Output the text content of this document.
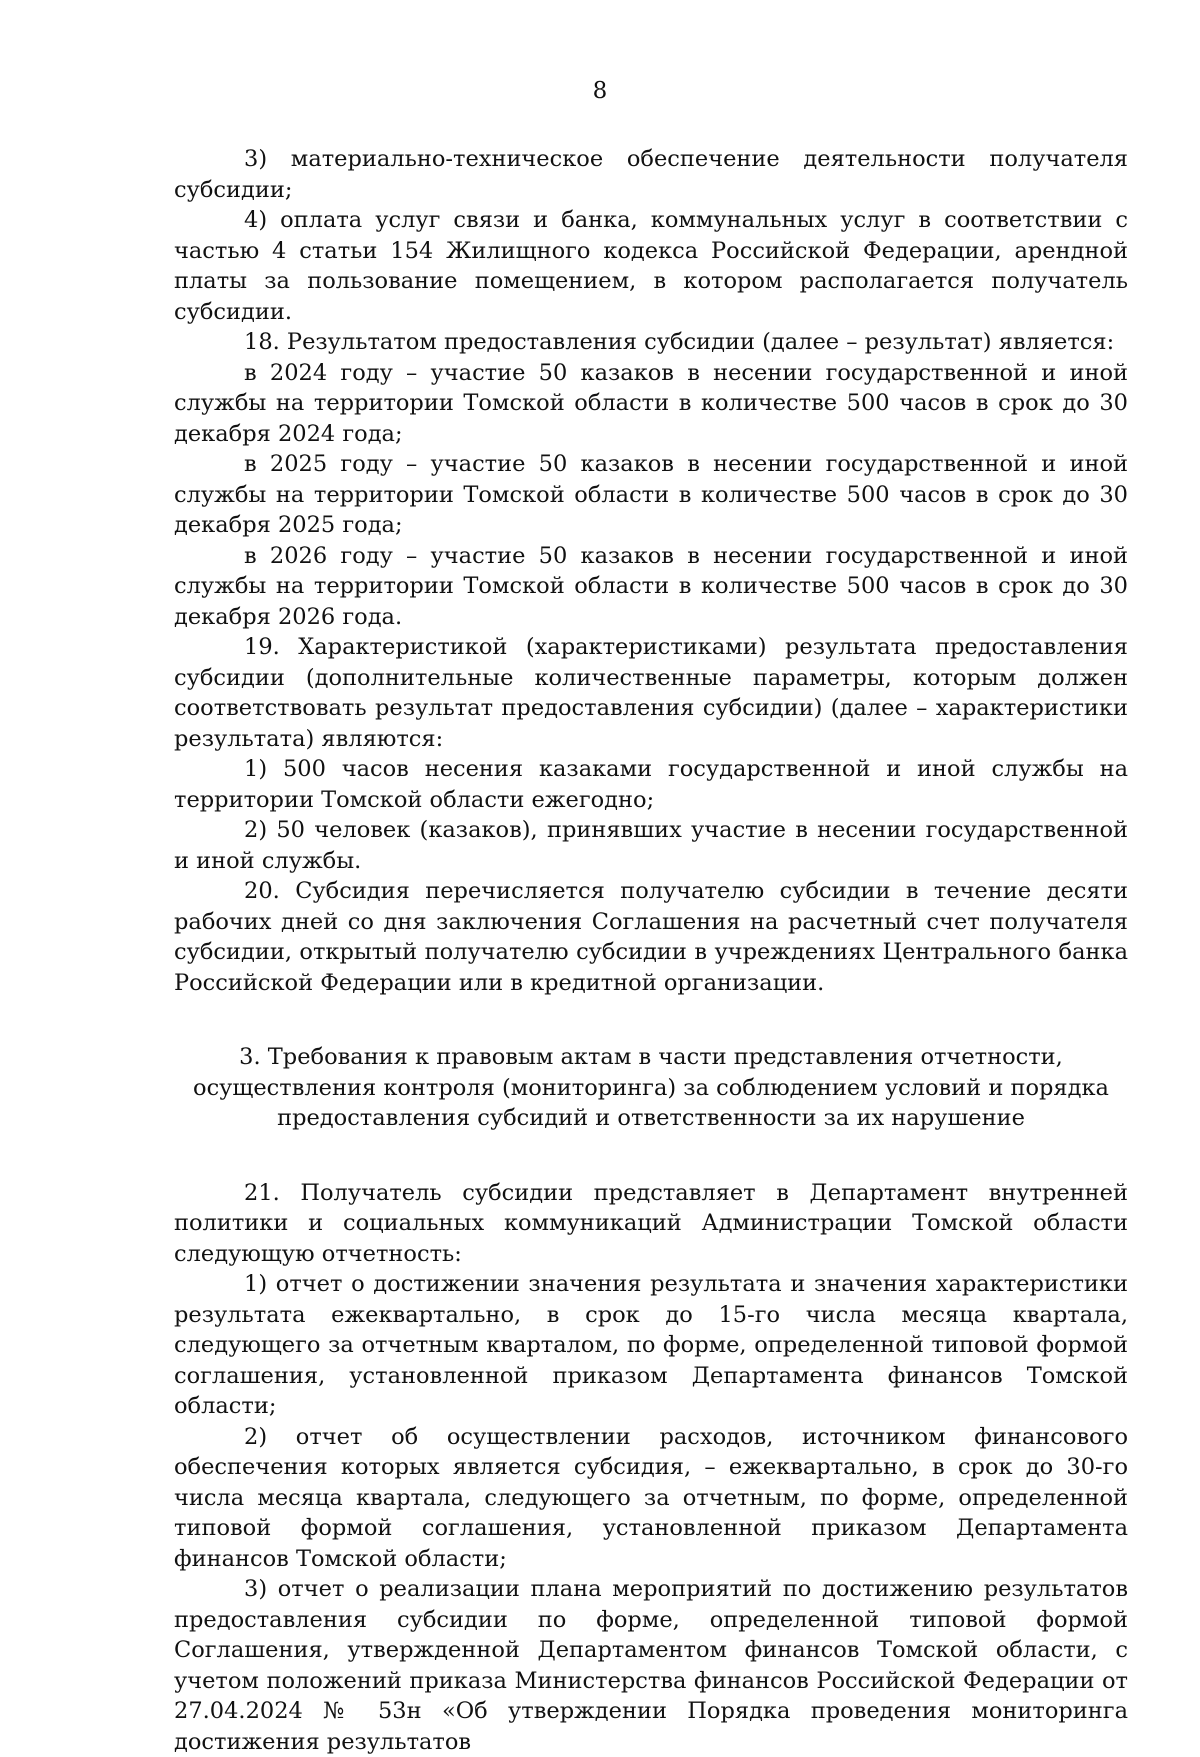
8

3) материально-техническое обеспечение деятельности получателя субсидии;

4) оплата услуг связи и банка, коммунальных услуг в соответствии с частью 4 статьи 154 Жилищного кодекса Российской Федерации, арендной платы за пользование помещением, в котором располагается получатель субсидии.

18. Результатом предоставления субсидии (далее – результат) является:

в 2024 году – участие 50 казаков в несении государственной и иной службы на территории Томской области в количестве 500 часов в срок до 30 декабря 2024 года;

в 2025 году – участие 50 казаков в несении государственной и иной службы на территории Томской области в количестве 500 часов в срок до 30 декабря 2025 года;

в 2026 году – участие 50 казаков в несении государственной и иной службы на территории Томской области в количестве 500 часов в срок до 30 декабря 2026 года.

19. Характеристикой (характеристиками) результата предоставления субсидии (дополнительные количественные параметры, которым должен соответствовать результат предоставления субсидии) (далее – характеристики результата) являются:

1) 500 часов несения казаками государственной и иной службы на территории Томской области ежегодно;

2) 50 человек (казаков), принявших участие в несении государственной и иной службы.

20. Субсидия перечисляется получателю субсидии в течение десяти рабочих дней со дня заключения Соглашения на расчетный счет получателя субсидии, открытый получателю субсидии в учреждениях Центрального банка Российской Федерации или в кредитной организации.

3. Требования к правовым актам в части представления отчетности,
осуществления контроля (мониторинга) за соблюдением условий и порядка
предоставления субсидий и ответственности за их нарушение

21. Получатель субсидии представляет в Департамент внутренней политики и социальных коммуникаций Администрации Томской области следующую отчетность:

1) отчет о достижении значения результата и значения характеристики результата ежеквартально, в срок до 15-го числа месяца квартала, следующего за отчетным кварталом, по форме, определенной типовой формой соглашения, установленной приказом Департамента финансов Томской области;

2) отчет об осуществлении расходов, источником финансового обеспечения которых является субсидия, – ежеквартально, в срок до 30-го числа месяца квартала, следующего за отчетным, по форме, определенной типовой формой соглашения, установленной приказом Департамента финансов Томской области;

3) отчет о реализации плана мероприятий по достижению результатов предоставления субсидии по форме, определенной типовой формой Соглашения, утвержденной Департаментом финансов Томской области, с учетом положений приказа Министерства финансов Российской Федерации от 27.04.2024 № 53н «Об утверждении Порядка проведения мониторинга достижения результатов
